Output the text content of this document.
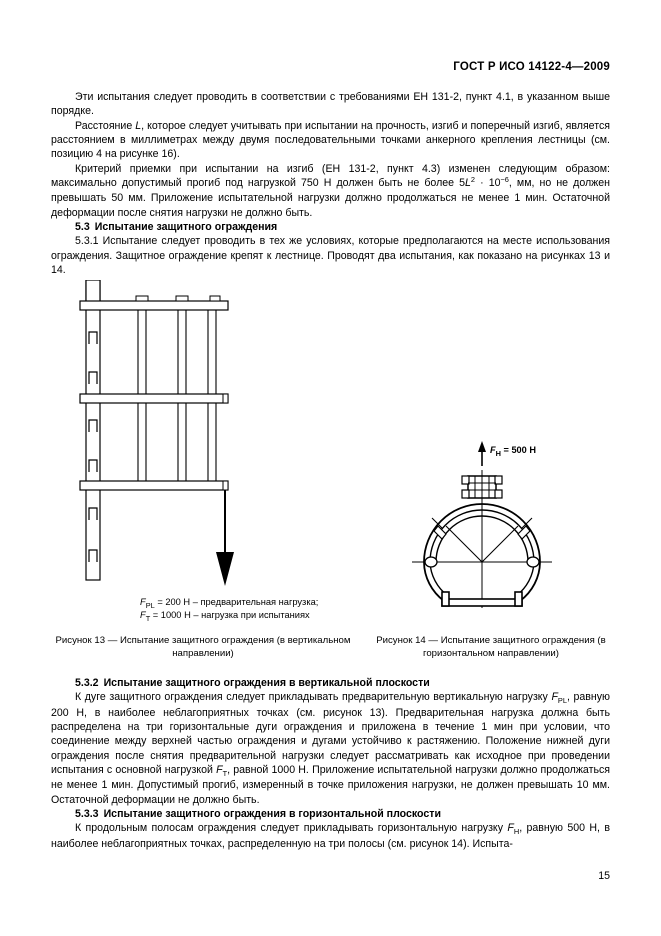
ГОСТ Р ИСО 14122-4—2009

Эти испытания следует проводить в соответствии с требованиями ЕН 131-2, пункт 4.1, в указанном выше порядке.

Расстояние L, которое следует учитывать при испытании на прочность, изгиб и поперечный изгиб, является расстоянием в миллиметрах между двумя последовательными точками анкерного крепления лестницы (см. позицию 4 на рисунке 16).

Критерий приемки при испытании на изгиб (ЕН 131-2, пункт 4.3) изменен следующим образом: максимально допустимый прогиб под нагрузкой 750 Н должен быть не более $5L^2 \cdot 10^{-6}$, мм, но не должен превышать 50 мм. Приложение испытательной нагрузки должно продолжаться не менее 1 мин. Остаточной деформации после снятия нагрузки не должно быть.

5.3 Испытание защитного ограждения

5.3.1 Испытание следует проводить в тех же условиях, которые предполагаются на месте использования ограждения. Защитное ограждение крепят к лестнице. Проводят два испытания, как показано на рисунках 13 и 14.

$F_{PL} = 200$ Н – предварительная нагрузка;
$F_T = 1000$ Н – нагрузка при испытаниях
$F_H = 500$ Н
Рисунок 13 — Испытание защитного ограждения (в вертикальном направлении)
Рисунок 14 — Испытание защитного ограждения (в горизонтальном направлении)
5.3.2 Испытание защитного ограждения в вертикальной плоскости

К дуге защитного ограждения следует прикладывать предварительную вертикальную нагрузку $F_{PL}$, равную 200 Н, в наиболее неблагоприятных точках (см. рисунок 13). Предварительная нагрузка должна быть распределена на три горизонтальные дуги ограждения и приложена в течение 1 мин при условии, что соединение между верхней частью ограждения и дугами устойчиво к растяжению. Положение нижней дуги ограждения после снятия предварительной нагрузки следует рассматривать как исходное при проведении испытания с основной нагрузкой $F_T$, равной 1000 Н. Приложение испытательной нагрузки должно продолжаться не менее 1 мин. Допустимый прогиб, измеренный в точке приложения нагрузки, не должен превышать 10 мм. Остаточной деформации не должно быть.

5.3.3 Испытание защитного ограждения в горизонтальной плоскости

К продольным полосам ограждения следует прикладывать горизонтальную нагрузку $F_H$, равную 500 Н, в наиболее неблагоприятных точках, распределенную на три полосы (см. рисунок 14). Испыта-

15
